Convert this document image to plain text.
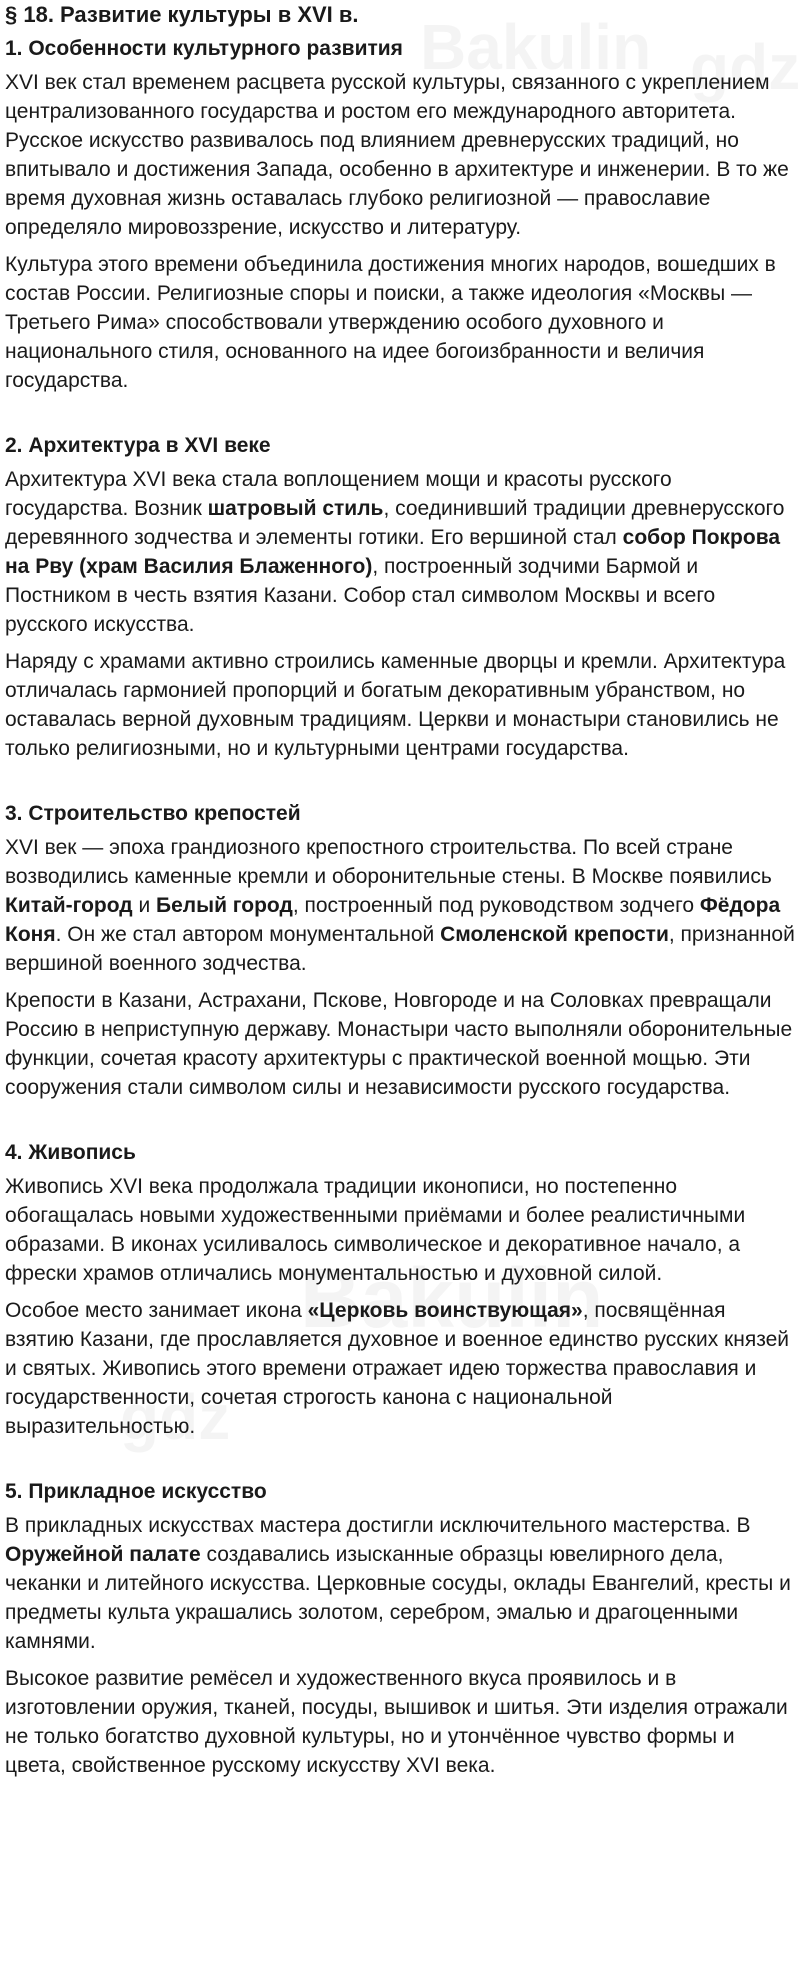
§ 18. Развитие культуры в XVI в.
1. Особенности культурного развития

XVI век стал временем расцвета русской культуры, связанного с укреплением централизованного государства и ростом его международного авторитета. Русское искусство развивалось под влиянием древнерусских традиций, но впитывало и достижения Запада, особенно в архитектуре и инженерии. В то же время духовная жизнь оставалась глубоко религиозной — православие определяло мировоззрение, искусство и литературу.

Культура этого времени объединила достижения многих народов, вошедших в состав России. Религиозные споры и поиски, а также идеология «Москвы — Третьего Рима» способствовали утверждению особого духовного и национального стиля, основанного на идее богоизбранности и величия государства.

2. Архитектура в XVI веке

Архитектура XVI века стала воплощением мощи и красоты русского государства. Возник шатровый стиль, соединивший традиции древнерусского деревянного зодчества и элементы готики. Его вершиной стал собор Покрова на Рву (храм Василия Блаженного), построенный зодчими Бармой и Постником в честь взятия Казани. Собор стал символом Москвы и всего русского искусства.

Наряду с храмами активно строились каменные дворцы и кремли. Архитектура отличалась гармонией пропорций и богатым декоративным убранством, но оставалась верной духовным традициям. Церкви и монастыри становились не только религиозными, но и культурными центрами государства.

3. Строительство крепостей

XVI век — эпоха грандиозного крепостного строительства. По всей стране возводились каменные кремли и оборонительные стены. В Москве появились Китай-город и Белый город, построенный под руководством зодчего Фёдора Коня. Он же стал автором монументальной Смоленской крепости, признанной вершиной военного зодчества.

Крепости в Казани, Астрахани, Пскове, Новгороде и на Соловках превращали Россию в неприступную державу. Монастыри часто выполняли оборонительные функции, сочетая красоту архитектуры с практической военной мощью. Эти сооружения стали символом силы и независимости русского государства.

4. Живопись

Живопись XVI века продолжала традиции иконописи, но постепенно обогащалась новыми художественными приёмами и более реалистичными образами. В иконах усиливалось символическое и декоративное начало, а фрески храмов отличались монументальностью и духовной силой.

Особое место занимает икона «Церковь воинствующая», посвящённая взятию Казани, где прославляется духовное и военное единство русских князей и святых. Живопись этого времени отражает идею торжества православия и государственности, сочетая строгость канона с национальной выразительностью.

5. Прикладное искусство

В прикладных искусствах мастера достигли исключительного мастерства. В Оружейной палате создавались изысканные образцы ювелирного дела, чеканки и литейного искусства. Церковные сосуды, оклады Евангелий, кресты и предметы культа украшались золотом, серебром, эмалью и драгоценными камнями.

Высокое развитие ремёсел и художественного вкуса проявилось и в изготовлении оружия, тканей, посуды, вышивок и шитья. Эти изделия отражали не только богатство духовной культуры, но и утончённое чувство формы и цвета, свойственное русскому искусству XVI века.
